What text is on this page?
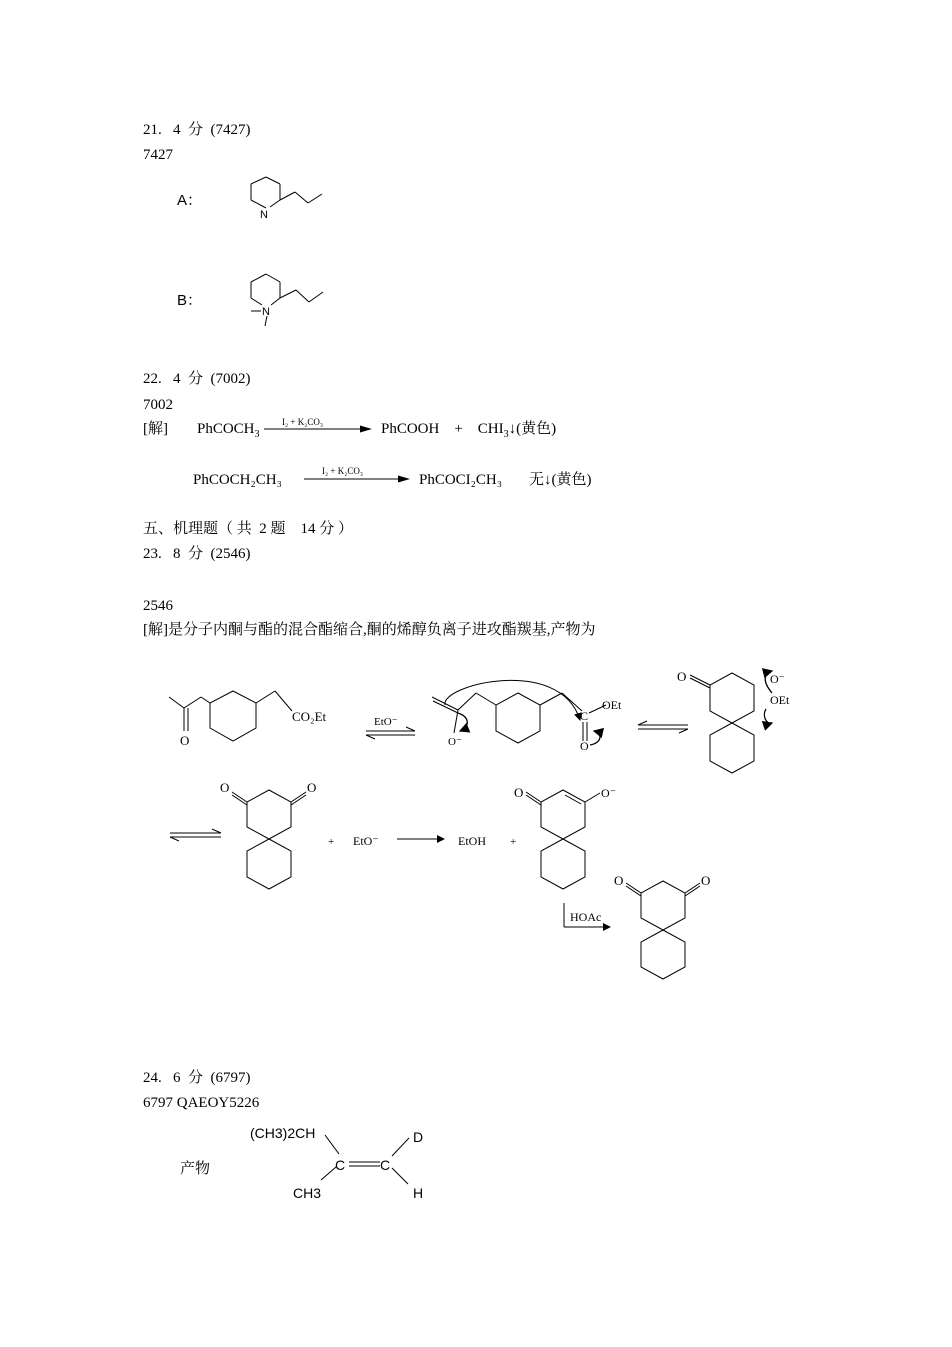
21.   4  分  (7427)
7427
A：
B：
N
N
22.   4  分  (7002)
7002
[解] PhCOCH$_3$
I₂ + K₂CO₃	PhCOOH    +    $CHI_3↓$(黄色)
PhCOCH₂CH₃
I₂ + K₂CO₃
PhCOCI₂CH₃ 无↓(黄色)
五、机理题（ 共  2 题    14 分 ）
23.   8  分  (2546)
2546
[解]是分子内酮与酯的混合酯缩合,酮的烯醇负离子进攻酯羰基,产物为
O
CO₂Et	EtO⁻
O⁻
C
O
OEt
O	O⁻
OEt
O	O
+ EtO⁻	EtOH +
O	O⁻
HOAc
O	O
24.   6  分  (6797)
6797 QAEOY5226
产物
(CH3)2CH
CH3
D
H
C C
